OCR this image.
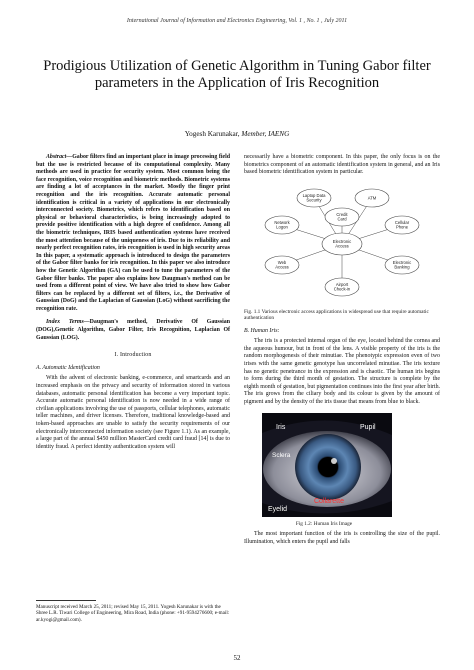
International Journal of Information and Electronics Engineering, Vol. 1 , No. 1 , July 2011
Prodigious Utilization of Genetic Algorithm in Tuning Gabor filter parameters in the Application of Iris Recognition
Yogesh Karunakar, Member, IAENG
Abstract—Gabor filters find an important place in image processing field but the use is restricted because of its computational complexity. Many methods are used in practice for security system. Most common being the face recognition, voice recognition and biometric methods. Biometric systems are finding a lot of acceptances in the market. Mostly the finger print recognition and the iris recognition. Accurate automatic personal identification is critical in a variety of applications in our electronically interconnected society. Biometrics, which refers to identification based on physical or behavioral characteristics, is being increasingly adopted to provide positive identification with a high degree of confidence. Among all the biometric techniques, IRIS based authentication systems have received the most attention because of the uniqueness of iris. Due to its reliability and nearly perfect recognition rates, iris recognition is used in high security areas In this paper, a systematic approach is introduced to design the parameters of the Gabor filter banks for iris recognition. In this paper we also introduce how the Genetic Algorithm (GA) can be used to tune the parameters of the Gabor filter banks. The paper also explains how Daugman's method can be used from a different point of view. We have also tried to show how Gabor filters can be replaced by a different set of filters, i.e., the Derivative of Gaussian (DoG) and the Laplacian of Gaussian (LoG) without sacrificing the recognition rate.
Index Terms—Daugman's method, Derivative Of Gaussian (DOG),Genetic Algorithm, Gabor Filter, Iris Recognition, Laplacian Of Gaussian (LOG).
I. Introduction
A. Automatic Identification

With the advent of electronic banking, e-commerce, and smartcards and an increased emphasis on the privacy and security of information stored in various databases, automatic personal identification has become a very important topic. Accurate automatic personal identification is now needed in a wide range of civilian applications involving the use of passports, cellular telephones, automatic teller machines, and driver licenses. Therefore, traditional knowledge-based and token-based approaches are unable to satisfy the security requirements of our electronically interconnected information society (see Figure 1.1). As an example, a large part of the annual $450 million MasterCard credit card fraud [14] is due to identity fraud. A perfect identity authentication system will

necessarily have a biometric component. In this paper, the only focus is on the biometrics component of an automatic identification system in general, and an Iris based biometric identification system in particular.

Laptop Data Security	ATM
Network Logon
Cellular Phone
Credit Card
Electronic Access
Web Access
Electronic Banking
Airport Check-in
Fig. 1.1 Various electronic access applications in widespread use that require automatic authentication
B. Human Iris:

The iris is a protected internal organ of the eye, located behind the cornea and the aqueous humour, but in front of the lens. A visible property of the iris is the random morphogenesis of their minutiae. The phenotypic expression even of two irises with the same genetic genotype has uncorrelated minutiae. The iris texture has no genetic penetrance in the expression and is chaotic. The human iris begins to form during the third month of gestation. The structure is complete by the eighth month of gestation, but pigmentation continues into the first year after birth. The iris grows from the ciliary body and its colour is given by the amount of pigment and by the density of the iris tissue that means from blue to black.

Iris	Pupil
Sclera
Eyelid
Collarette
Fig 1.2: Human Iris Image

The most important function of the iris is controlling the size of the pupil. Illumination, which enters the pupil and falls

Manuscript received March 25, 2011; revised May 15, 2011. Yogesh Karunakar is with the Shree L.R. Tiwari College of Engineering, Mira Road, India (phone: +91-9594276600; e-mail: ar.kyogi@gmail.com).
52
